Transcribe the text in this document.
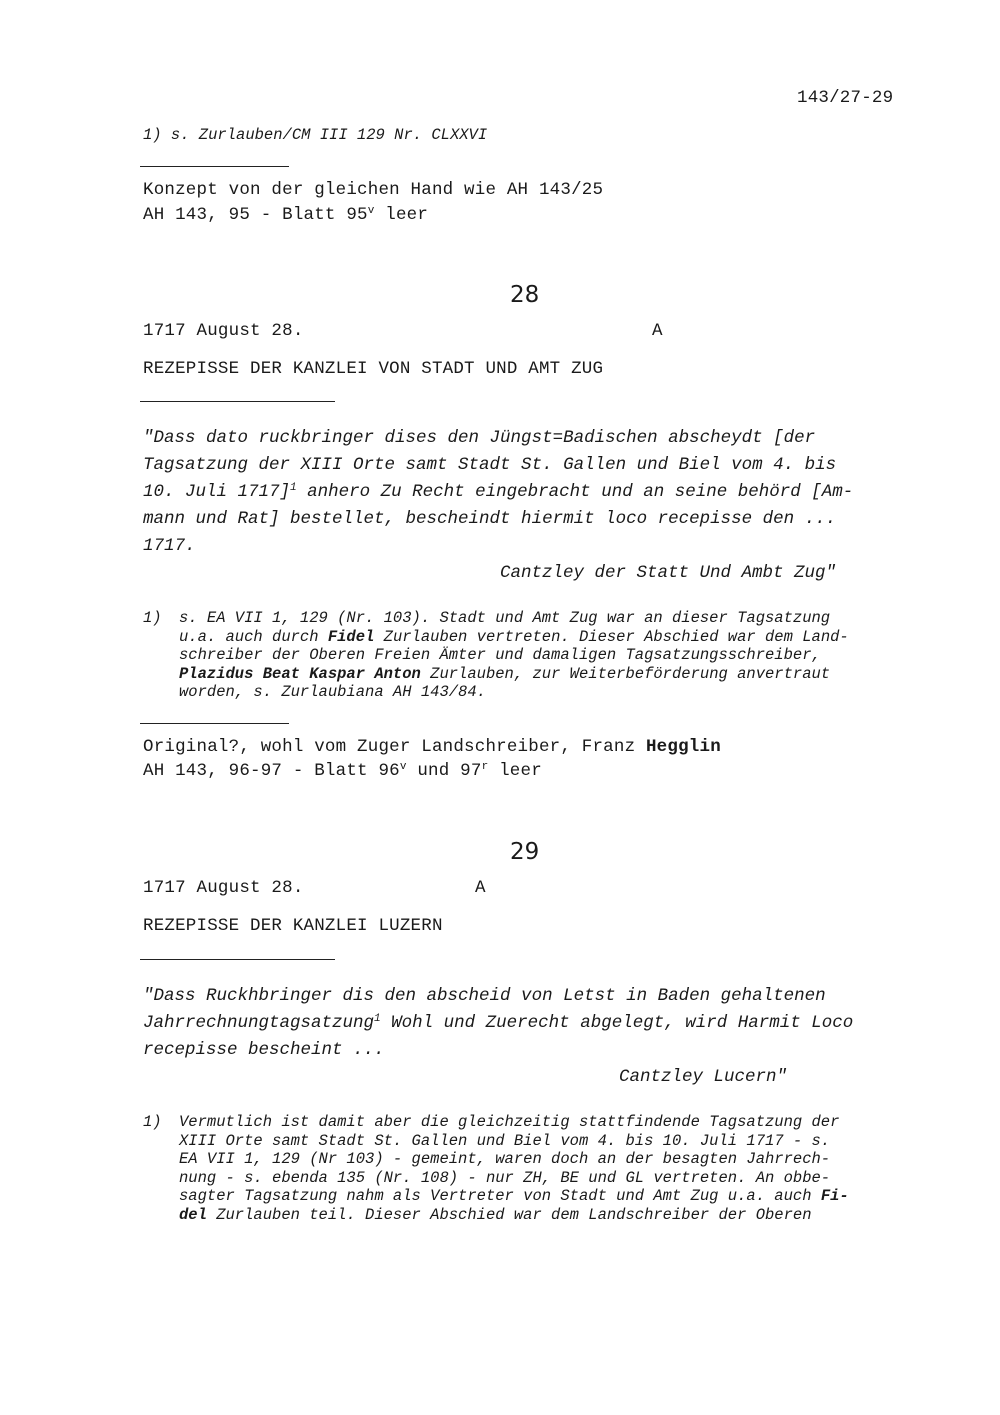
143/27-29
1) s. Zurlauben/CM III 129 Nr. CLXXVI
Konzept von der gleichen Hand wie AH 143/25
AH 143, 95 - Blatt 95$^v$ leer
28
1717 August 28.	A
REZEPISSE DER KANZLEI VON STADT UND AMT ZUG
"Dass dato ruckbringer dises den Jüngst=Badischen abscheydt [der
Tagsatzung der XIII Orte samt Stadt St. Gallen und Biel vom 4. bis
10. Juli 1717]$^1$ anhero Zu Recht eingebracht und an seine behörd [Am-
mann und Rat] bestellet, bescheindt hiermit loco recepisse den ...
1717.
Cantzley der Statt Und Ambt Zug"
1) s. EA VII 1, 129 (Nr. 103). Stadt und Amt Zug war an dieser Tagsatzung
u.a. auch durch Fidel Zurlauben vertreten. Dieser Abschied war dem Land-
schreiber der Oberen Freien Ämter und damaligen Tagsatzungsschreiber,
Plazidus Beat Kaspar Anton Zurlauben, zur Weiterbeförderung anvertraut
worden, s. Zurlaubiana AH 143/84.
Original?, wohl vom Zuger Landschreiber, Franz Hegglin
AH 143, 96-97 - Blatt 96$^v$ und 97$^r$ leer
29
1717 August 28.	A
REZEPISSE DER KANZLEI LUZERN
"Dass Ruckhbringer dis den abscheid von Letst in Baden gehaltenen
Jahrrechnungtagsatzung$^1$ Wohl und Zuerecht abgelegt, wird Harmit Loco
recepisse bescheint ...
Cantzley Lucern"
1) Vermutlich ist damit aber die gleichzeitig stattfindende Tagsatzung der
XIII Orte samt Stadt St. Gallen und Biel vom 4. bis 10. Juli 1717 - s.
EA VII 1, 129 (Nr 103) - gemeint, waren doch an der besagten Jahrrech-
nung - s. ebenda 135 (Nr. 108) - nur ZH, BE und GL vertreten. An obbe-
sagter Tagsatzung nahm als Vertreter von Stadt und Amt Zug u.a. auch Fi-
del Zurlauben teil. Dieser Abschied war dem Landschreiber der Oberen
